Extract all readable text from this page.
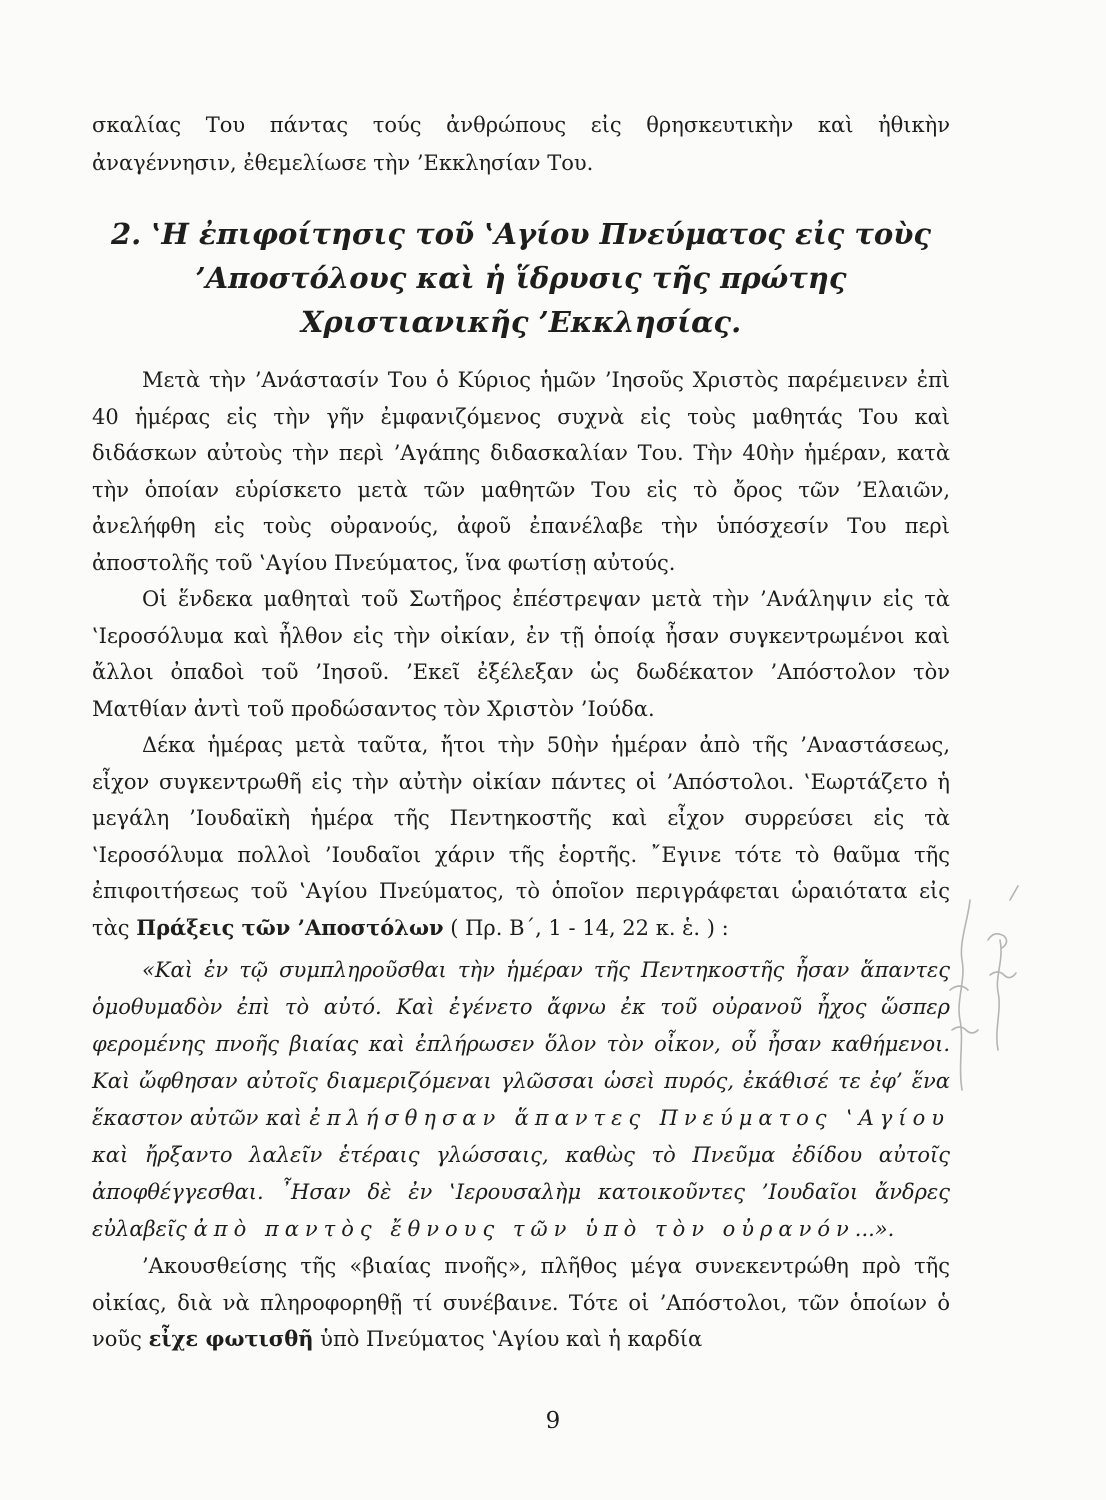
σκαλίας Του πάντας τούς ἀνθρώπους εἰς θρησκευτικὴν καὶ ἠθικὴν ἀναγέννησιν, ἐθεμελίωσε τὴν ’Εκκλησίαν Του.

2. ‛Η ἐπιφοίτησις τοῦ ‛Αγίου Πνεύματος εἰς τοὺς
’Αποστόλους καὶ ἡ ἵδρυσις τῆς πρώτης
Χριστιανικῆς ’Εκκλησίας.

Μετὰ τὴν ’Ανάστασίν Του ὁ Κύριος ἡμῶν ’Ιησοῦς Χριστὸς παρέμεινεν ἐπὶ 40 ἡμέρας εἰς τὴν γῆν ἐμφανιζόμενος συχνὰ εἰς τοὺς μαθητάς Του καὶ διδάσκων αὐτοὺς τὴν περὶ ’Αγάπης διδασκαλίαν Του. Τὴν 40ὴν ἡμέραν, κατὰ τὴν ὁποίαν εὑρίσκετο μετὰ τῶν μαθητῶν Του εἰς τὸ ὄρος τῶν ’Ελαιῶν, ἀνελήφθη εἰς τοὺς οὐρανούς, ἀφοῦ ἐπανέλαβε τὴν ὑπόσχεσίν Του περὶ ἀποστολῆς τοῦ ‛Αγίου Πνεύματος, ἵνα φωτίσῃ αὐτούς.

Οἱ ἕνδεκα μαθηταὶ τοῦ Σωτῆρος ἐπέστρεψαν μετὰ τὴν ’Ανάληψιν εἰς τὰ ‛Ιεροσόλυμα καὶ ἦλθον εἰς τὴν οἰκίαν, ἐν τῇ ὁποίᾳ ἦσαν συγκεντρωμένοι καὶ ἄλλοι ὀπαδοὶ τοῦ ’Ιησοῦ. ’Εκεῖ ἐξέλεξαν ὡς δωδέκατον ’Απόστολον τὸν Ματθίαν ἀντὶ τοῦ προδώσαντος τὸν Χριστὸν ’Ιούδα.

Δέκα ἡμέρας μετὰ ταῦτα, ἤτοι τὴν 50ὴν ἡμέραν ἀπὸ τῆς ’Αναστάσεως, εἶχον συγκεντρωθῆ εἰς τὴν αὐτὴν οἰκίαν πάντες οἱ ’Απόστολοι. ‛Εωρτάζετο ἡ μεγάλη ’Ιουδαϊκὴ ἡμέρα τῆς Πεντηκοστῆς καὶ εἶχον συρρεύσει εἰς τὰ ‛Ιεροσόλυμα πολλοὶ ’Ιουδαῖοι χάριν τῆς ἑορτῆς. ῎Εγινε τότε τὸ θαῦμα τῆς ἐπιφοιτήσεως τοῦ ‛Αγίου Πνεύματος, τὸ ὁποῖον περιγράφεται ὡραιότατα εἰς τὰς Πράξεις τῶν ’Αποστόλων ( Πρ. Β΄, 1 - 14, 22 κ. ἑ. ) :

«Καὶ ἐν τῷ συμπληροῦσθαι τὴν ἡμέραν τῆς Πεντηκοστῆς ἦσαν ἅπαντες ὁμοθυμαδὸν ἐπὶ τὸ αὐτό. Καὶ ἐγένετο ἄφνω ἐκ τοῦ οὐρανοῦ ἦχος ὥσπερ φερομένης πνοῆς βιαίας καὶ ἐπλήρωσεν ὅλον τὸν οἶκον, οὗ ἦσαν καθήμενοι. Καὶ ὤφθησαν αὐτοῖς διαμεριζόμεναι γλῶσσαι ὡσεὶ πυρός, ἐκάθισέ τε ἐφ’ ἕνα ἕκαστον αὐτῶν καὶ ἐπλήσθησαν ἅπαντες Πνεύματος ‛Αγίου καὶ ἤρξαντο λαλεῖν ἑτέραις γλώσσαις, καθὼς τὸ Πνεῦμα ἐδίδου αὐτοῖς ἀποφθέγγεσθαι. ῏Ησαν δὲ ἐν ‛Ιερουσαλὴμ κατοικοῦντες ’Ιουδαῖοι ἄνδρες εὐλαβεῖς ἀπὸ παντὸς ἔθνους τῶν ὑπὸ τὸν οὐρανόν...».

’Ακουσθείσης τῆς «βιαίας πνοῆς», πλῆθος μέγα συνεκεντρώθη πρὸ τῆς οἰκίας, διὰ νὰ πληροφορηθῇ τί συνέβαινε. Τότε οἱ ’Απόστολοι, τῶν ὁποίων ὁ νοῦς εἶχε φωτισθῆ ὑπὸ Πνεύματος ‛Αγίου καὶ ἡ καρδία

9
